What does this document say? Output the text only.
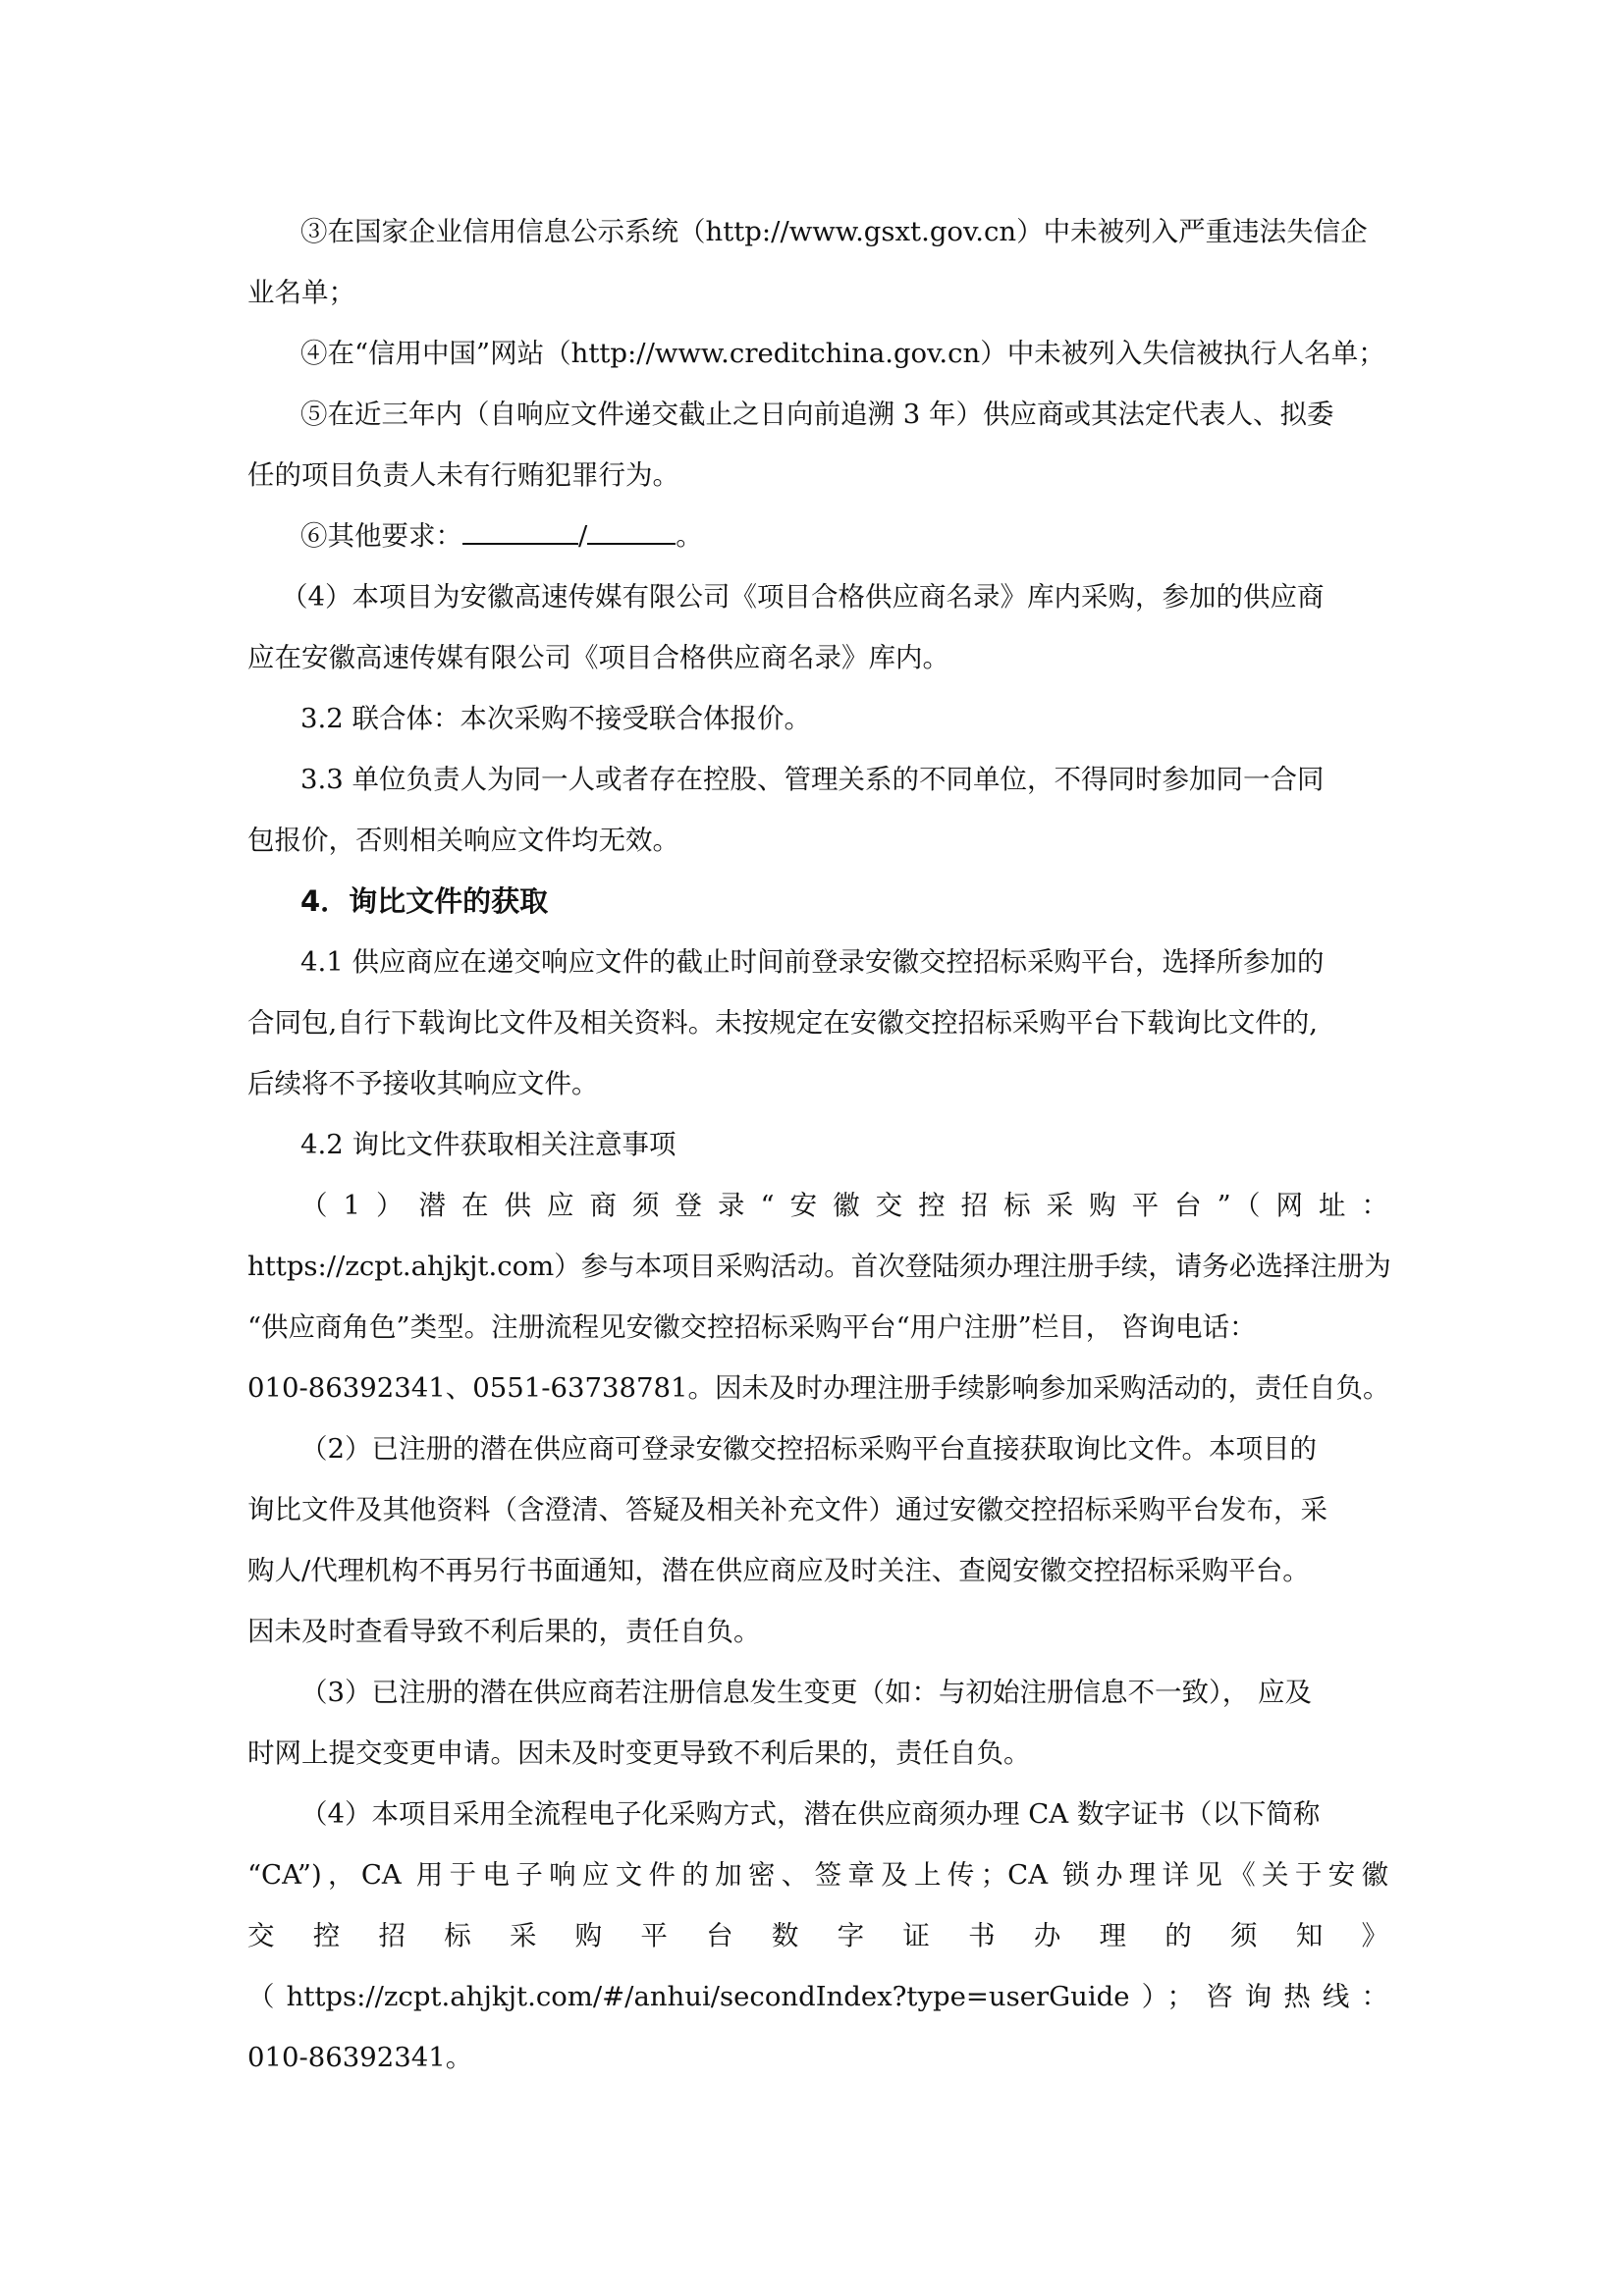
③在国家企业信用信息公示系统（http://www.gsxt.gov.cn）中未被列入严重违法失信企
业名单；
④在“信用中国”网站（http://www.creditchina.gov.cn）中未被列入失信被执行人名单；
⑤在近三年内（自响应文件递交截止之日向前追溯 3 年）供应商或其法定代表人、拟委
任的项目负责人未有行贿犯罪行为。
⑥其他要求：	/	。
（4）本项目为安徽高速传媒有限公司《项目合格供应商名录》库内采购，参加的供应商
应在安徽高速传媒有限公司《项目合格供应商名录》库内。
3.2 联合体：本次采购不接受联合体报价。
3.3 单位负责人为同一人或者存在控股、管理关系的不同单位，不得同时参加同一合同
包报价，否则相关响应文件均无效。
4．询比文件的获取
4.1 供应商应在递交响应文件的截止时间前登录安徽交控招标采购平台，选择所参加的
合同包,自行下载询比文件及相关资料。未按规定在安徽交控招标采购平台下载询比文件的,
后续将不予接收其响应文件。
4.2 询比文件获取相关注意事项
（1）潜在供应商须登录“安徽交控招标采购平台”（网址：
https://zcpt.ahjkjt.com）参与本项目采购活动。首次登陆须办理注册手续，请务必选择注册为
“供应商角色”类型。注册流程见安徽交控招标采购平台“用户注册”栏目， 咨询电话：
010-86392341、0551-63738781。因未及时办理注册手续影响参加采购活动的，责任自负。
（2）已注册的潜在供应商可登录安徽交控招标采购平台直接获取询比文件。本项目的
询比文件及其他资料（含澄清、答疑及相关补充文件）通过安徽交控招标采购平台发布，采
购人/代理机构不再另行书面通知，潜在供应商应及时关注、查阅安徽交控招标采购平台。
因未及时查看导致不利后果的，责任自负。
（3）已注册的潜在供应商若注册信息发生变更（如：与初始注册信息不一致）， 应及
时网上提交变更申请。因未及时变更导致不利后果的，责任自负。
（4）本项目采用全流程电子化采购方式，潜在供应商须办理 CA 数字证书（以下简称
“CA”)，CA 用于电子响应文件的加密、签章及上传；CA 锁办理详见《关于安徽
交控招标采购平台数字证书办理的须知》
（https://zcpt.ahjkjt.com/#/anhui/secondIndex?type=userGuide）；咨询热线：
010-86392341。
